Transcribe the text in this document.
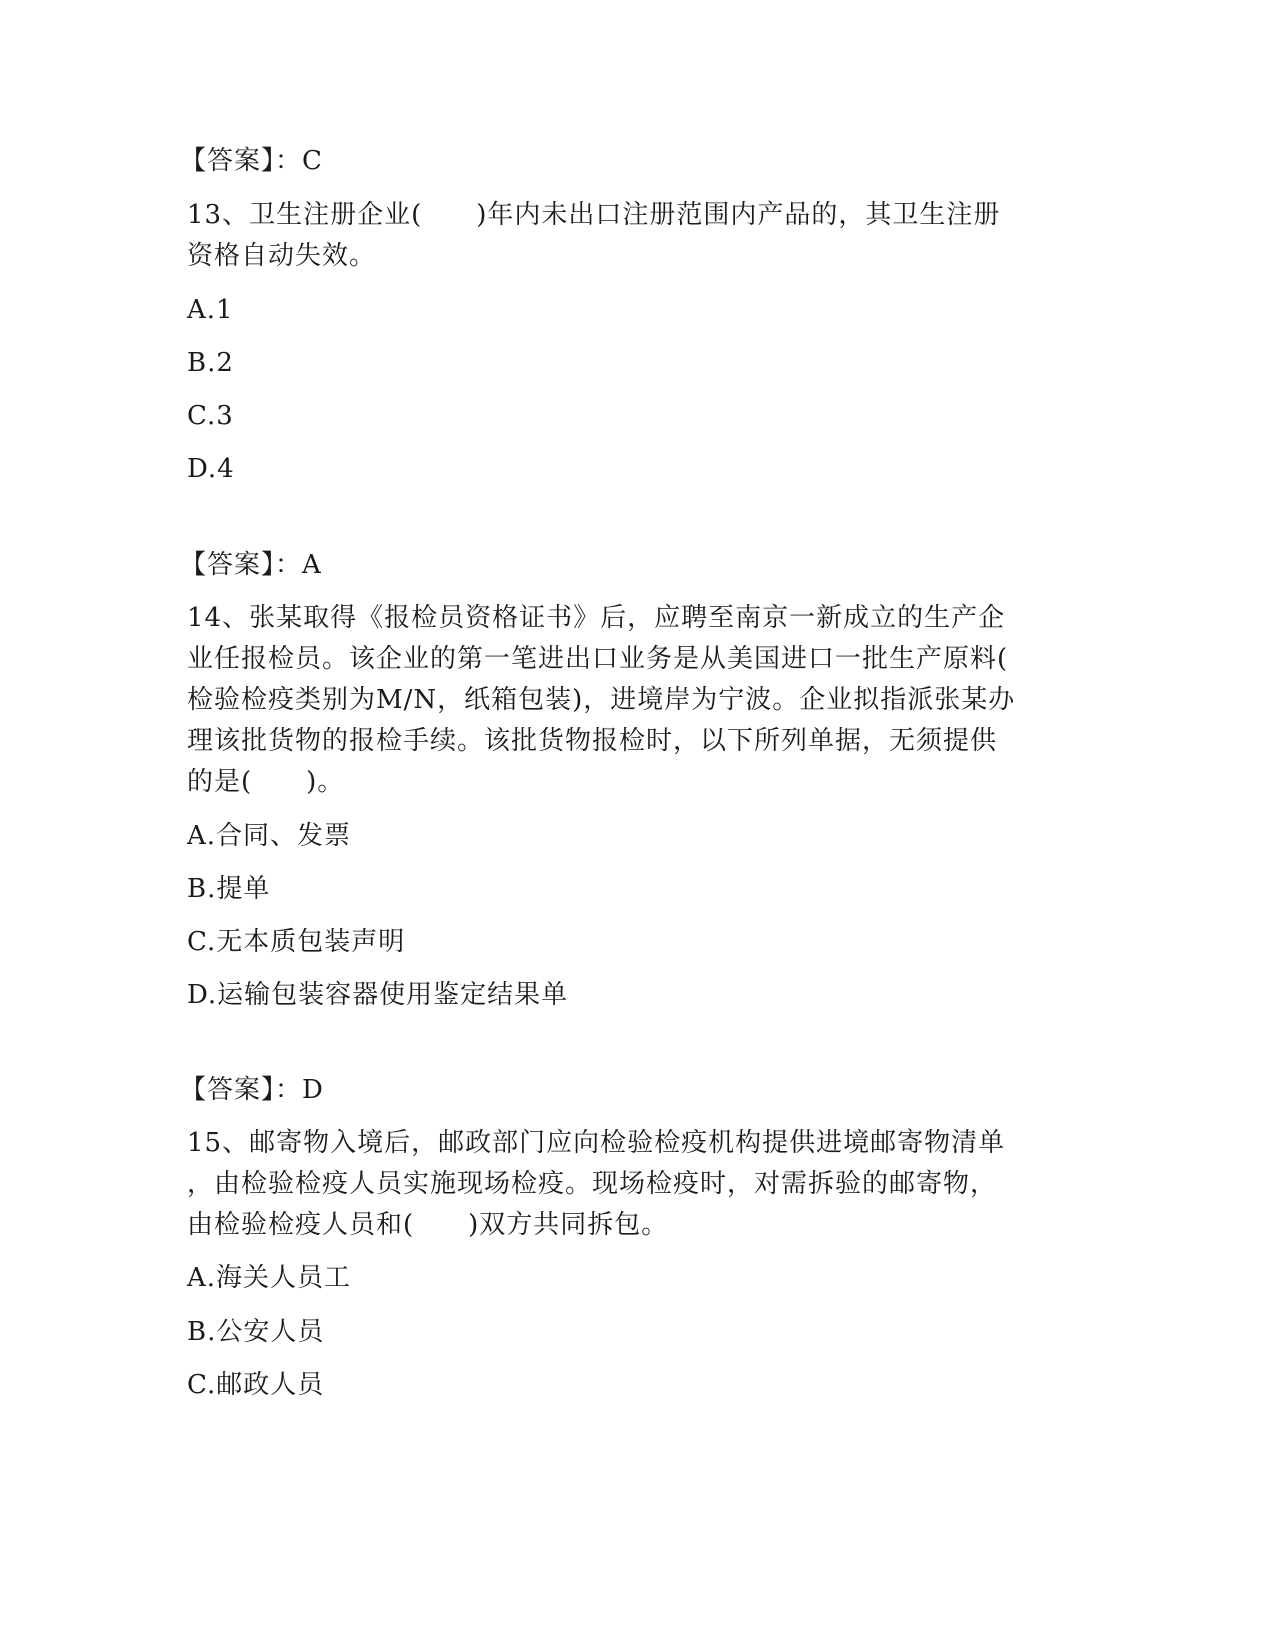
【答案】：C
13、卫生注册企业(　　)年内未出口注册范围内产品的，其卫生注册
资格自动失效。
A.1
B.2
C.3
D.4
【答案】：A
14、张某取得《报检员资格证书》后，应聘至南京一新成立的生产企
业任报检员。该企业的第一笔进出口业务是从美国进口一批生产原料(
检验检疫类别为M/N，纸箱包装)，进境岸为宁波。企业拟指派张某办
理该批货物的报检手续。该批货物报检时，以下所列单据，无须提供
的是(　　)。
A.合同、发票
B.提单
C.无本质包装声明
D.运输包装容器使用鉴定结果单
【答案】：D
15、邮寄物入境后，邮政部门应向检验检疫机构提供进境邮寄物清单
，由检验检疫人员实施现场检疫。现场检疫时，对需拆验的邮寄物，
由检验检疫人员和(　　)双方共同拆包。
A.海关人员工
B.公安人员
C.邮政人员
